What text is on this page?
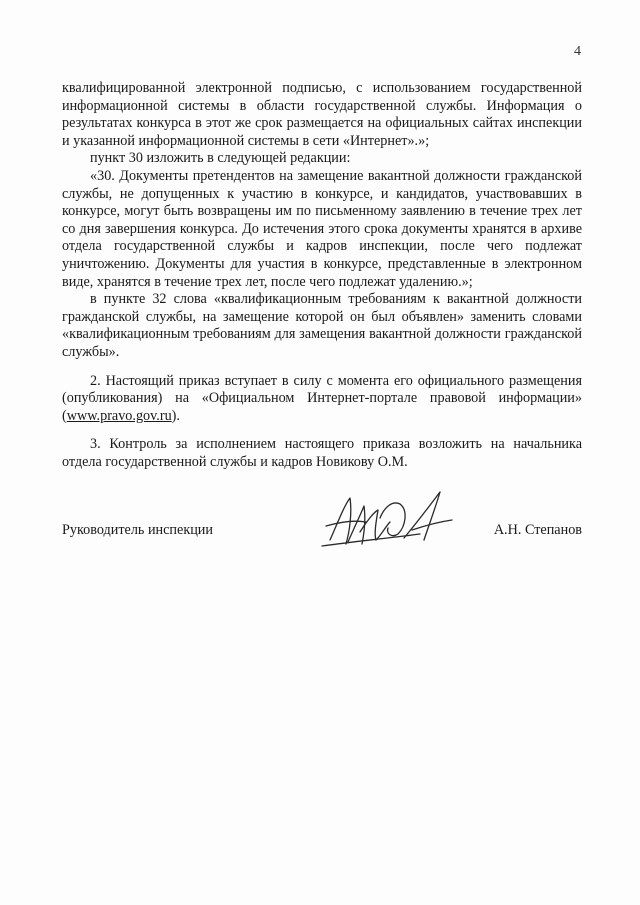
4

квалифицированной электронной подписью, с использованием государственной информационной системы в области государственной службы. Информация о результатах конкурса в этот же срок размещается на официальных сайтах инспекции и указанной информационной системы в сети «Интернет».»;

пункт 30 изложить в следующей редакции:

«30. Документы претендентов на замещение вакантной должности гражданской службы, не допущенных к участию в конкурсе, и кандидатов, участвовавших в конкурсе, могут быть возвращены им по письменному заявлению в течение трех лет со дня завершения конкурса. До истечения этого срока документы хранятся в архиве отдела государственной службы и кадров инспекции, после чего подлежат уничтожению. Документы для участия в конкурсе, представленные в электронном виде, хранятся в течение трех лет, после чего подлежат удалению.»;

в пункте 32 слова «квалификационным требованиям к вакантной должности гражданской службы, на замещение которой он был объявлен» заменить словами «квалификационным требованиям для замещения вакантной должности гражданской службы».

2. Настоящий приказ вступает в силу с момента его официального размещения (опубликования) на «Официальном Интернет-портале правовой информации» (www.pravo.gov.ru).

3. Контроль за исполнением настоящего приказа возложить на начальника отдела государственной службы и кадров Новикову О.М.

Руководитель инспекции	А.Н. Степанов
